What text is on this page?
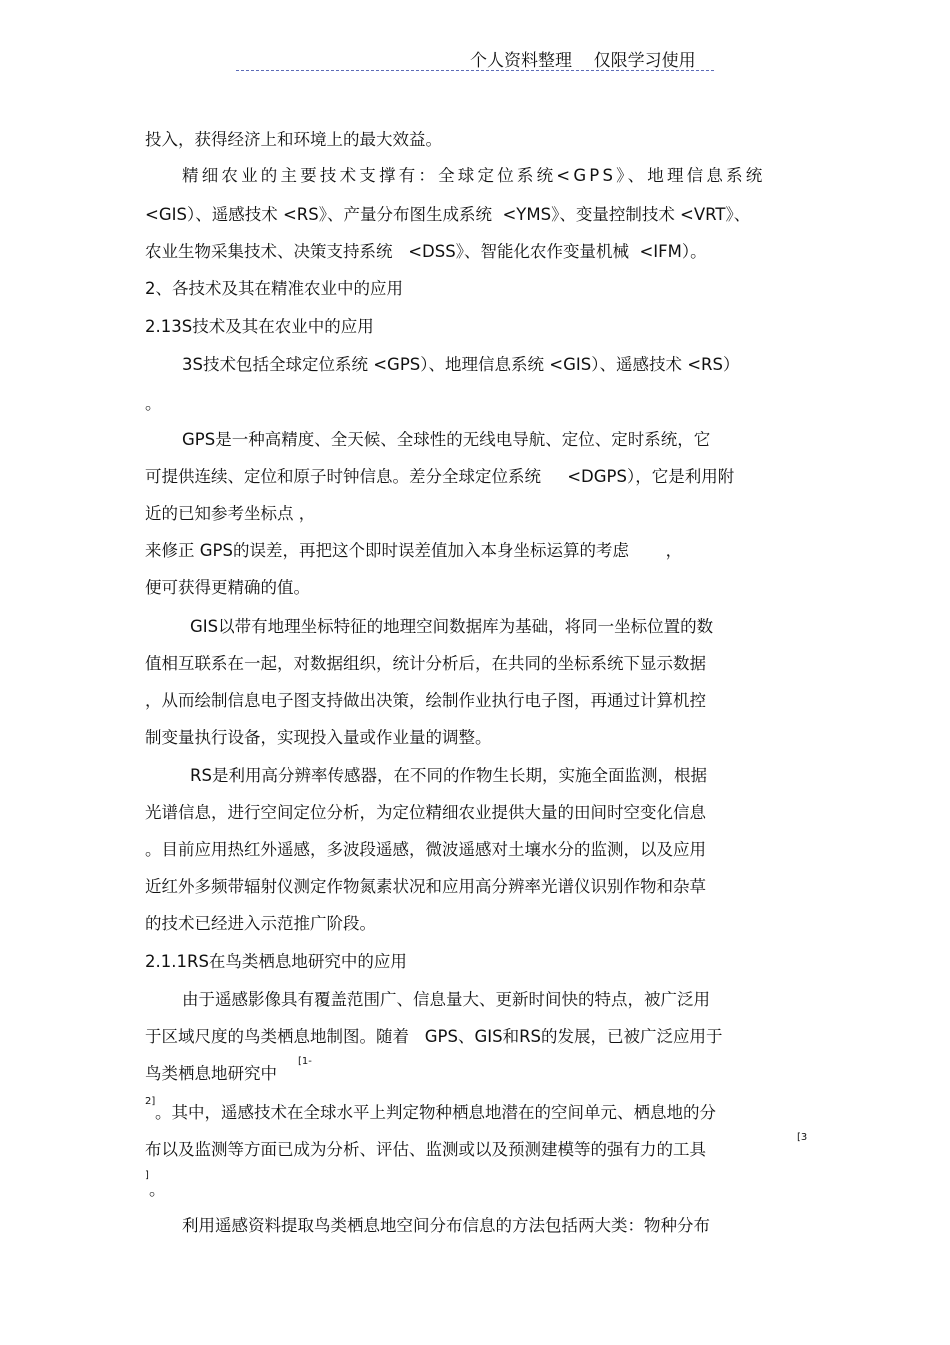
个人资料整理    仅限学习使用
投入，获得经济上和环境上的最大效益。
精细农业的主要技术支撑有：全球定位系统<GPS》、地理信息系统
<GIS）、遥感技术 <RS》、产量分布图生成系统  <YMS》、变量控制技术 <VRT》、
农业生物采集技术、决策支持系统   <DSS》、智能化农作变量机械  <IFM）。
2、各技术及其在精准农业中的应用
2.13S技术及其在农业中的应用
3S技术包括全球定位系统 <GPS）、地理信息系统 <GIS）、遥感技术 <RS）
。
GPS是一种高精度、全天候、全球性的无线电导航、定位、定时系统，它
可提供连续、定位和原子时钟信息。差分全球定位系统     <DGPS），它是利用附
近的已知参考坐标点 ，
来修正 GPS的误差，再把这个即时误差值加入本身坐标运算的考虑       ，
便可获得更精确的值。
GIS以带有地理坐标特征的地理空间数据库为基础，将同一坐标位置的数
值相互联系在一起，对数据组织，统计分析后，在共同的坐标系统下显示数据
，从而绘制信息电子图支持做出决策，绘制作业执行电子图，再通过计算机控
制变量执行设备，实现投入量或作业量的调整。
RS是利用高分辨率传感器，在不同的作物生长期，实施全面监测，根据
光谱信息，进行空间定位分析，为定位精细农业提供大量的田间时空变化信息
。目前应用热红外遥感，多波段遥感，微波遥感对土壤水分的监测，以及应用
近红外多频带辐射仪测定作物氮素状况和应用高分辨率光谱仪识别作物和杂草
的技术已经进入示范推广阶段。
2.1.1RS在鸟类栖息地研究中的应用
由于遥感影像具有覆盖范围广、信息量大、更新时间快的特点，被广泛用
于区域尺度的鸟类栖息地制图。随着   GPS、GIS和RS的发展，已被广泛应用于
鸟类栖息地研究中
[1-
2]
。其中，遥感技术在全球水平上判定物种栖息地潜在的空间单元、栖息地的分
布以及监测等方面已成为分析、评估、监测或以及预测建模等的强有力的工具
[3
]
。
利用遥感资料提取鸟类栖息地空间分布信息的方法包括两大类：物种分布
